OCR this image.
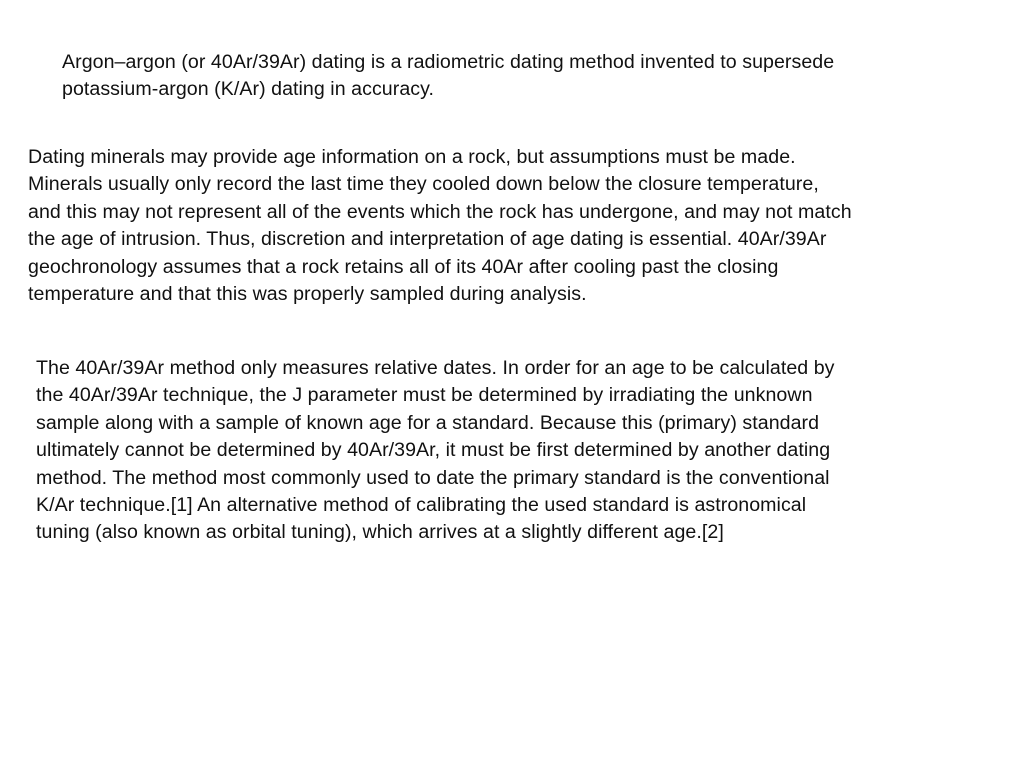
Argon–argon (or 40Ar/39Ar) dating is a radiometric dating method invented to supersede
potassium-argon (K/Ar) dating in accuracy.
Dating minerals may provide age information on a rock, but assumptions must be made.
Minerals usually only record the last time they cooled down below the closure temperature,
and this may not represent all of the events which the rock has undergone, and may not match
the age of intrusion. Thus, discretion and interpretation of age dating is essential. 40Ar/39Ar
geochronology assumes that a rock retains all of its 40Ar after cooling past the closing
temperature and that this was properly sampled during analysis.
The 40Ar/39Ar method only measures relative dates. In order for an age to be calculated by
the 40Ar/39Ar technique, the J parameter must be determined by irradiating the unknown
sample along with a sample of known age for a standard. Because this (primary) standard
ultimately cannot be determined by 40Ar/39Ar, it must be first determined by another dating
method. The method most commonly used to date the primary standard is the conventional
K/Ar technique.[1] An alternative method of calibrating the used standard is astronomical
tuning (also known as orbital tuning), which arrives at a slightly different age.[2]
